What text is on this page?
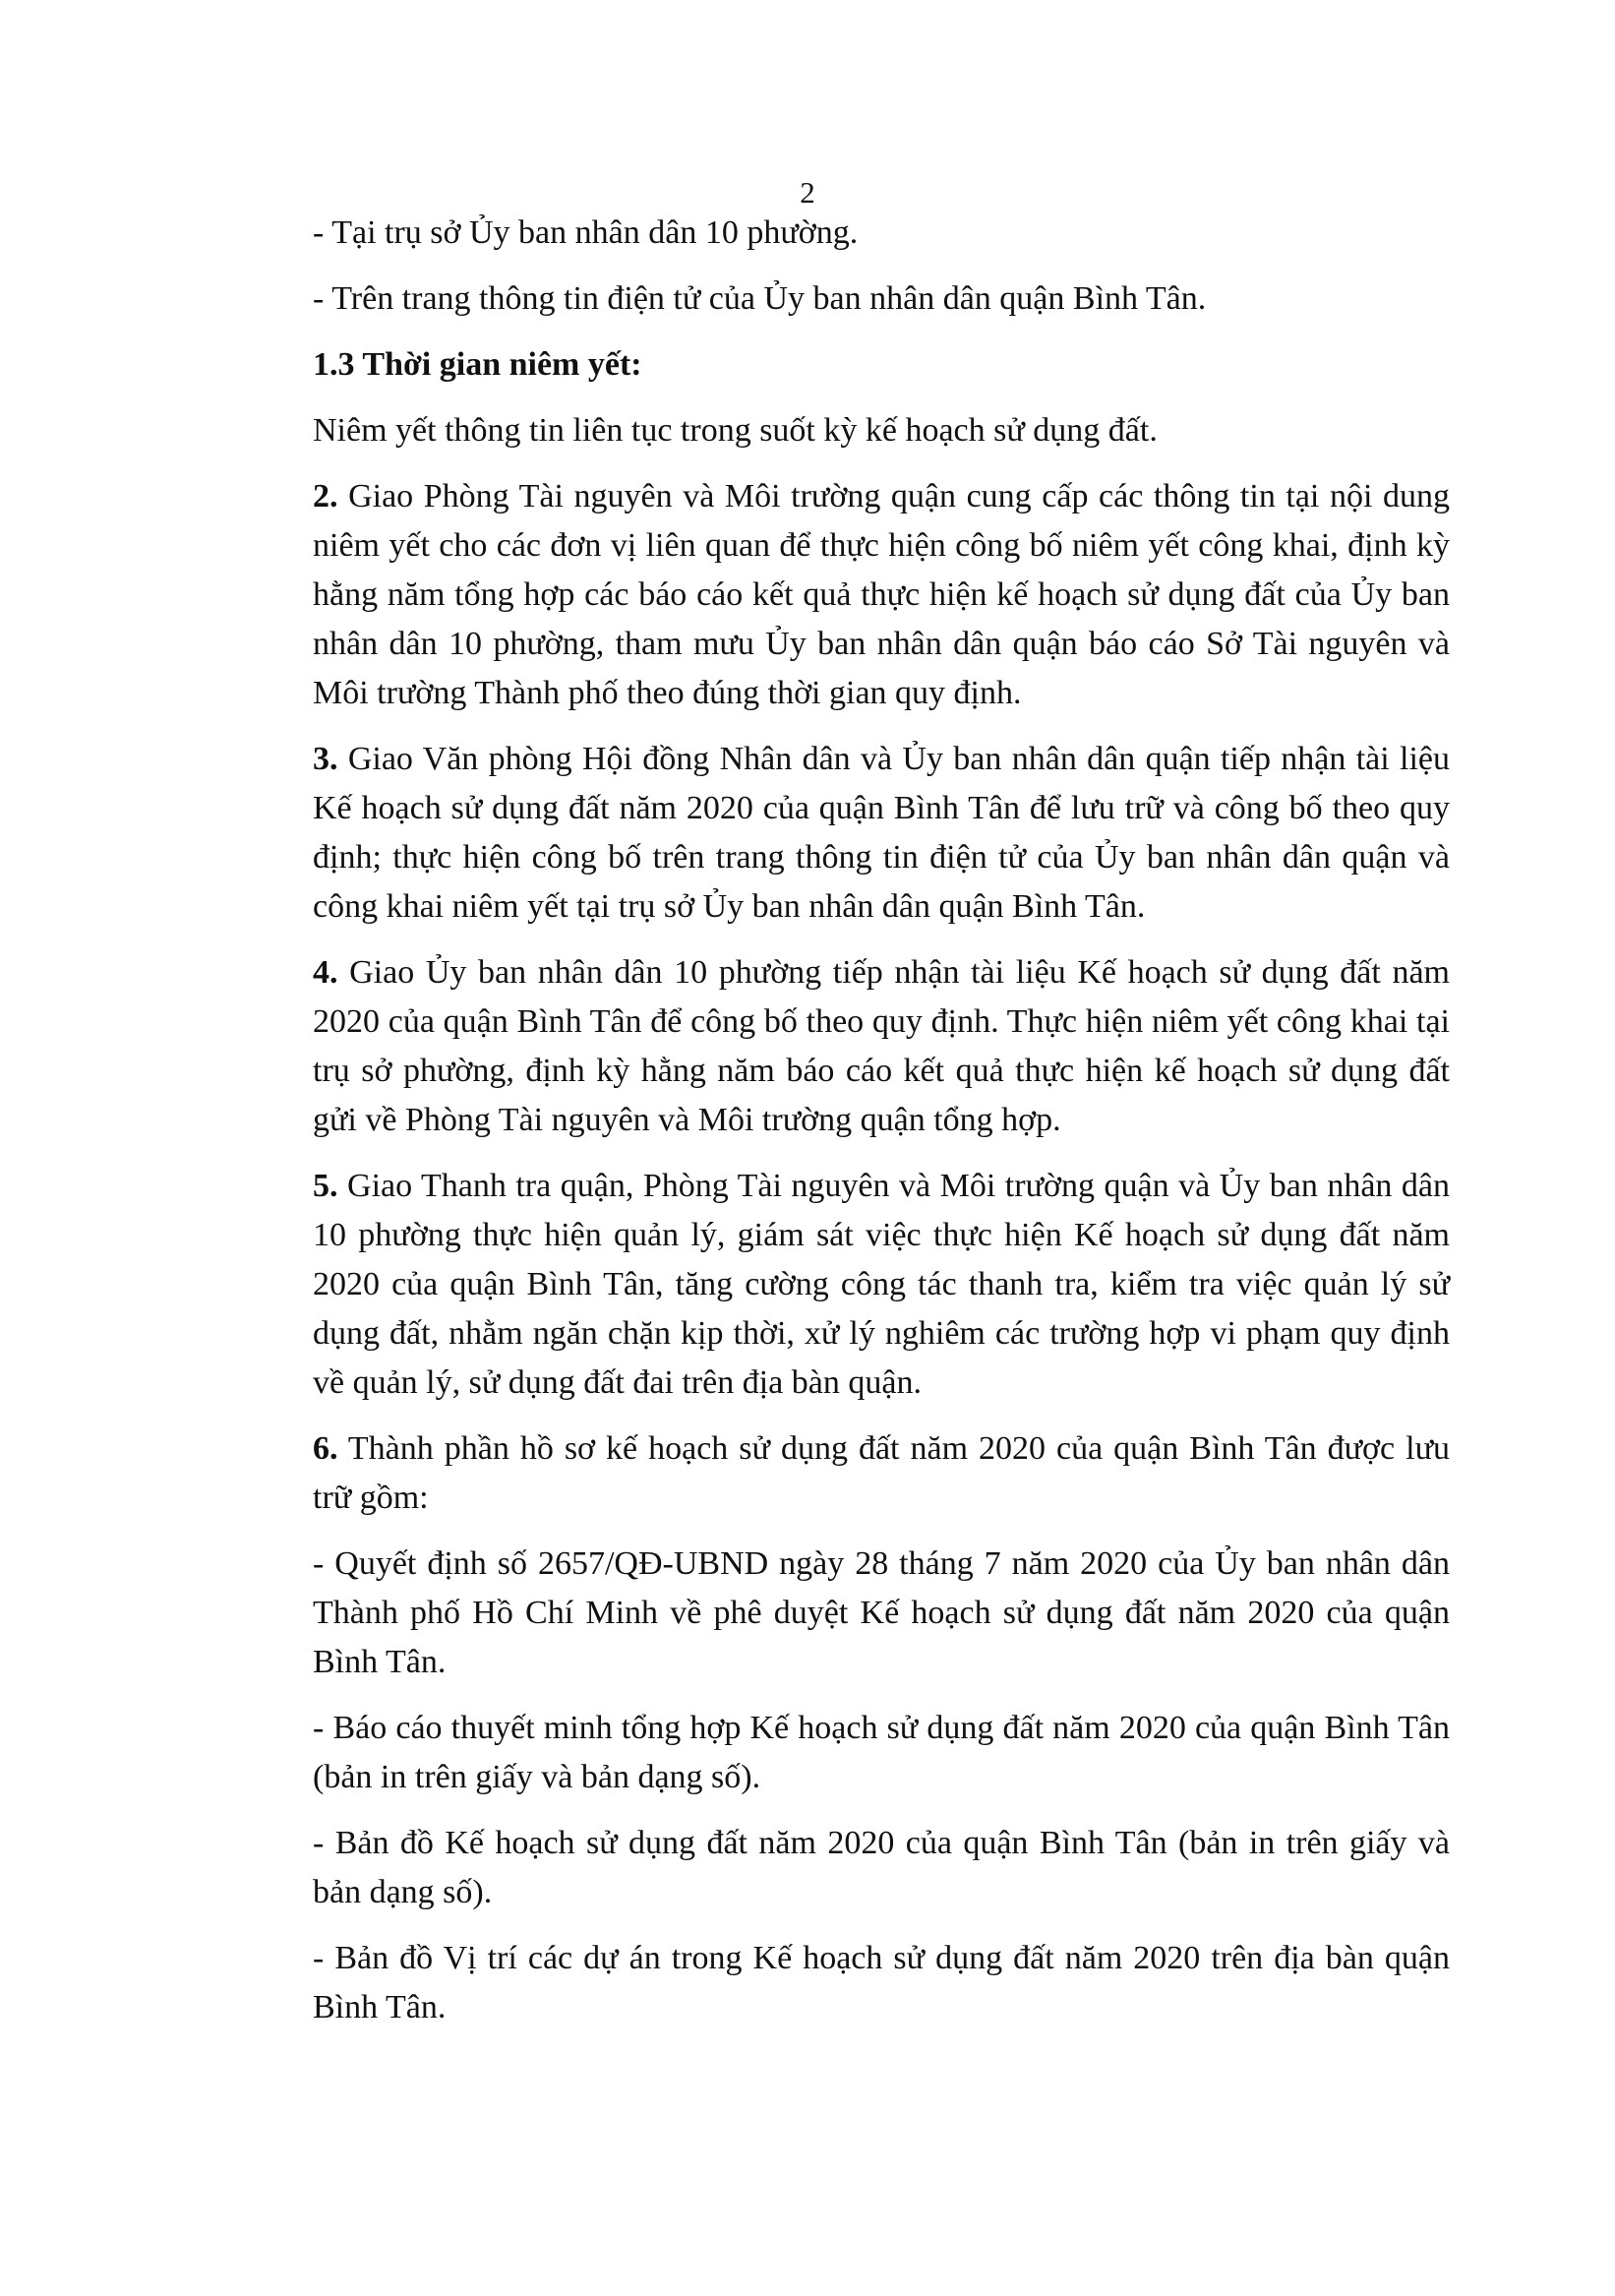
2

- Tại trụ sở Ủy ban nhân dân 10 phường.

- Trên trang thông tin điện tử của Ủy ban nhân dân quận Bình Tân.

1.3 Thời gian niêm yết:

Niêm yết thông tin liên tục trong suốt kỳ kế hoạch sử dụng đất.

2. Giao Phòng Tài nguyên và Môi trường quận cung cấp các thông tin tại nội dung niêm yết cho các đơn vị liên quan để thực hiện công bố niêm yết công khai, định kỳ hằng năm tổng hợp các báo cáo kết quả thực hiện kế hoạch sử dụng đất của Ủy ban nhân dân 10 phường, tham mưu Ủy ban nhân dân quận báo cáo Sở Tài nguyên và Môi trường Thành phố theo đúng thời gian quy định.

3. Giao Văn phòng Hội đồng Nhân dân và Ủy ban nhân dân quận tiếp nhận tài liệu Kế hoạch sử dụng đất năm 2020 của quận Bình Tân để lưu trữ và công bố theo quy định; thực hiện công bố trên trang thông tin điện tử của Ủy ban nhân dân quận và công khai niêm yết tại trụ sở Ủy ban nhân dân quận Bình Tân.

4. Giao Ủy ban nhân dân 10 phường tiếp nhận tài liệu Kế hoạch sử dụng đất năm 2020 của quận Bình Tân để công bố theo quy định. Thực hiện niêm yết công khai tại trụ sở phường, định kỳ hằng năm báo cáo kết quả thực hiện kế hoạch sử dụng đất gửi về Phòng Tài nguyên và Môi trường quận tổng hợp.

5. Giao Thanh tra quận, Phòng Tài nguyên và Môi trường quận và Ủy ban nhân dân 10 phường thực hiện quản lý, giám sát việc thực hiện Kế hoạch sử dụng đất năm 2020 của quận Bình Tân, tăng cường công tác thanh tra, kiểm tra việc quản lý sử dụng đất, nhằm ngăn chặn kịp thời, xử lý nghiêm các trường hợp vi phạm quy định về quản lý, sử dụng đất đai trên địa bàn quận.

6. Thành phần hồ sơ kế hoạch sử dụng đất năm 2020 của quận Bình Tân được lưu trữ gồm:

- Quyết định số 2657/QĐ-UBND ngày 28 tháng 7 năm 2020 của Ủy ban nhân dân Thành phố Hồ Chí Minh về phê duyệt Kế hoạch sử dụng đất năm 2020 của quận Bình Tân.

- Báo cáo thuyết minh tổng hợp Kế hoạch sử dụng đất năm 2020 của quận Bình Tân (bản in trên giấy và bản dạng số).

- Bản đồ Kế hoạch sử dụng đất năm 2020 của quận Bình Tân (bản in trên giấy và bản dạng số).

- Bản đồ Vị trí các dự án trong Kế hoạch sử dụng đất năm 2020 trên địa bàn quận Bình Tân.
